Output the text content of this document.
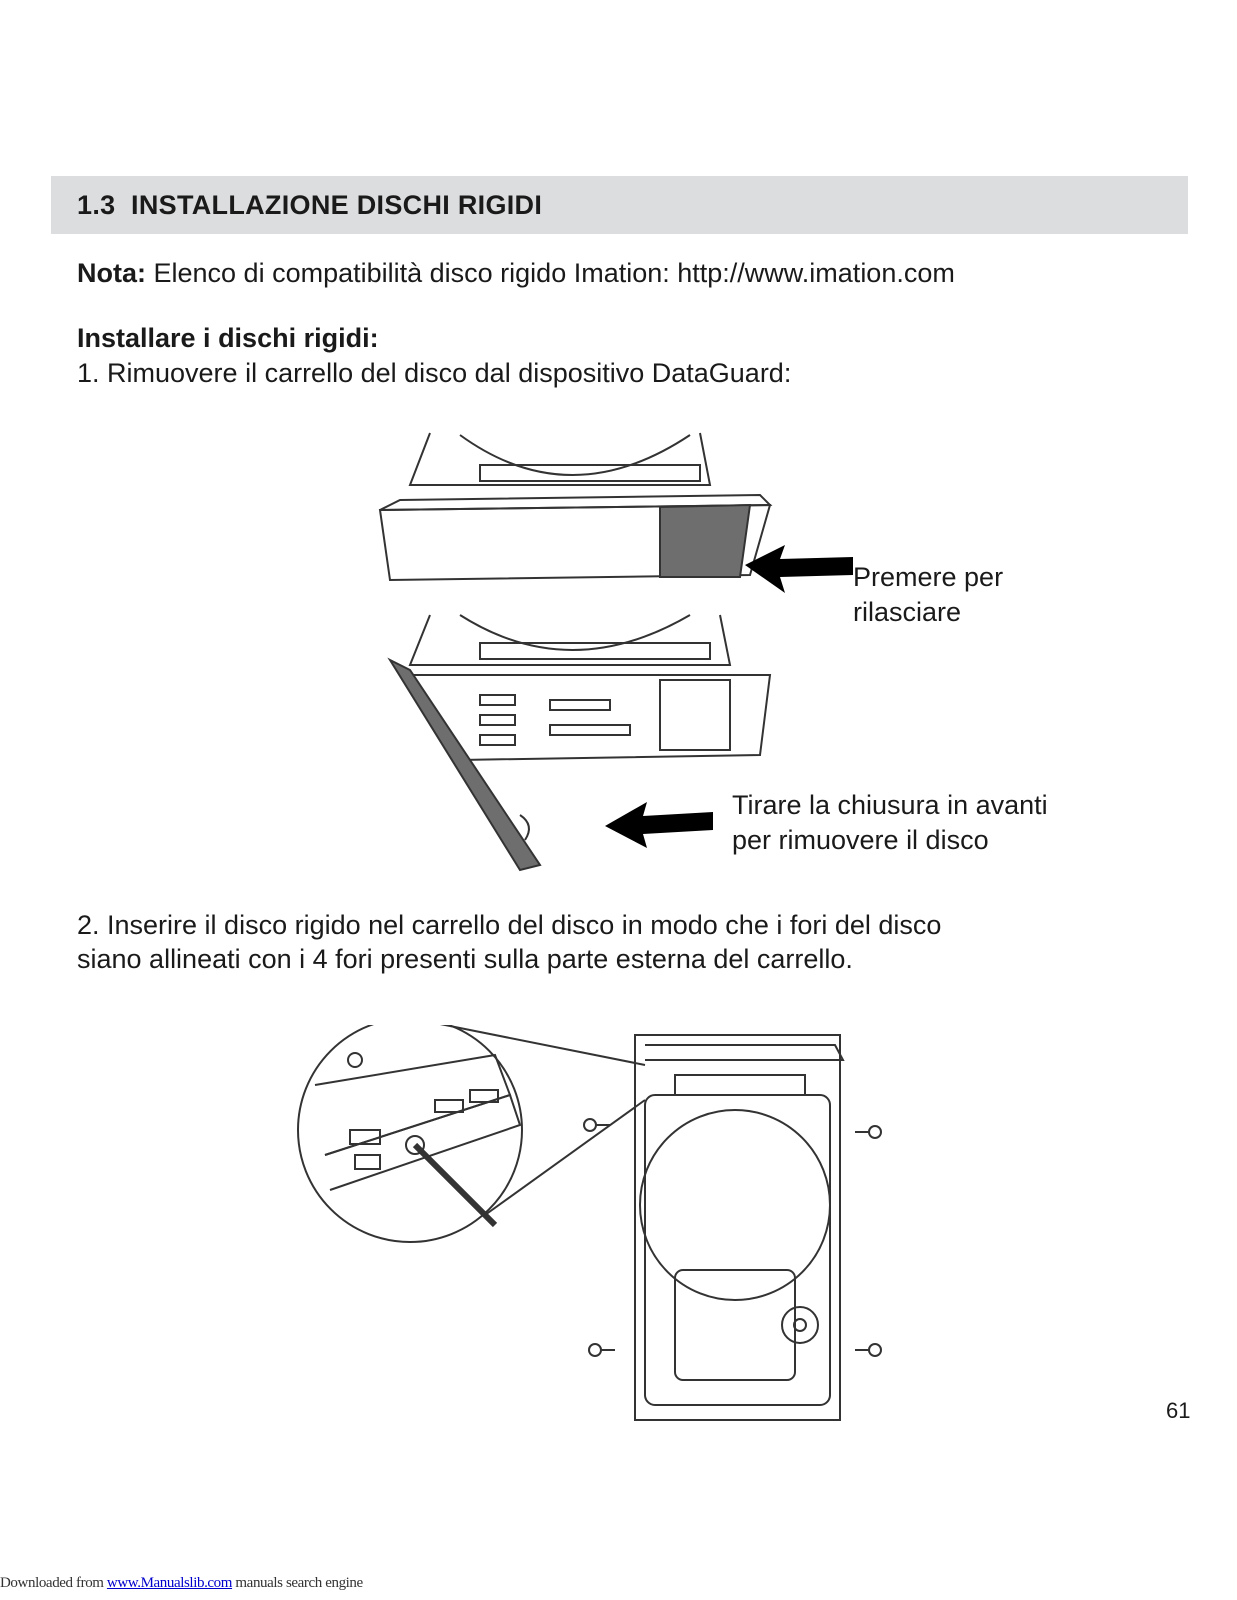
1.3 INSTALLAZIONE DISCHI RIGIDI
Nota: Elenco di compatibilità disco rigido Imation: http://www.imation.com
Installare i dischi rigidi:
1. Rimuovere il carrello del disco dal dispositivo DataGuard:
Premere per
rilasciare
Tirare la chiusura in avanti
per rimuovere il disco
2. Inserire il disco rigido nel carrello del disco in modo che i fori del disco
siano allineati con i 4 fori presenti sulla parte esterna del carrello.
61
Downloaded from www.Manualslib.com manuals search engine
